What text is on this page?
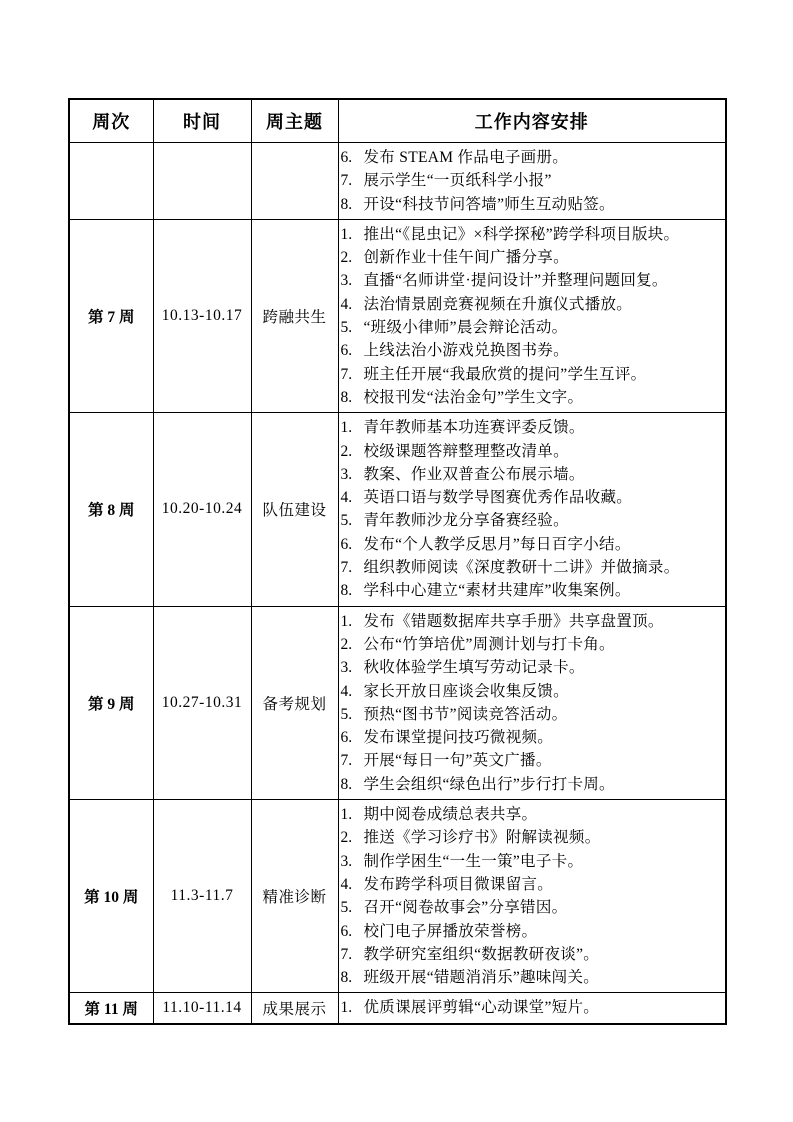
周次	时间	周主题	工作内容安排

6. 发布 STEAM 作品电子画册。
7. 展示学生“一页纸科学小报”
8. 开设“科技节问答墙”师生互动贴签。

第 7 周	10.13-10.17	跨融共生	
1. 推出“《昆虫记》×科学探秘”跨学科项目版块。
2. 创新作业十佳午间广播分享。
3. 直播“名师讲堂·提问设计”并整理问题回复。
4. 法治情景剧竞赛视频在升旗仪式播放。
5. “班级小律师”晨会辩论活动。
6. 上线法治小游戏兑换图书券。
7. 班主任开展“我最欣赏的提问”学生互评。
8. 校报刊发“法治金句”学生文字。

第 8 周	10.20-10.24	队伍建设	
1. 青年教师基本功连赛评委反馈。
2. 校级课题答辩整理整改清单。
3. 教案、作业双普查公布展示墙。
4. 英语口语与数学导图赛优秀作品收藏。
5. 青年教师沙龙分享备赛经验。
6. 发布“个人教学反思月”每日百字小结。
7. 组织教师阅读《深度教研十二讲》并做摘录。
8. 学科中心建立“素材共建库”收集案例。

第 9 周	10.27-10.31	备考规划	
1. 发布《错题数据库共享手册》共享盘置顶。
2. 公布“竹笋培优”周测计划与打卡角。
3. 秋收体验学生填写劳动记录卡。
4. 家长开放日座谈会收集反馈。
5. 预热“图书节”阅读竞答活动。
6. 发布课堂提问技巧微视频。
7. 开展“每日一句”英文广播。
8. 学生会组织“绿色出行”步行打卡周。

第 10 周	11.3-11.7	精准诊断	
1. 期中阅卷成绩总表共享。
2. 推送《学习诊疗书》附解读视频。
3. 制作学困生“一生一策”电子卡。
4. 发布跨学科项目微课留言。
5. 召开“阅卷故事会”分享错因。
6. 校门电子屏播放荣誉榜。
7. 教学研究室组织“数据教研夜谈”。
8. 班级开展“错题消消乐”趣味闯关。

第 11 周	11.10-11.14	成果展示	1. 优质课展评剪辑“心动课堂”短片。
